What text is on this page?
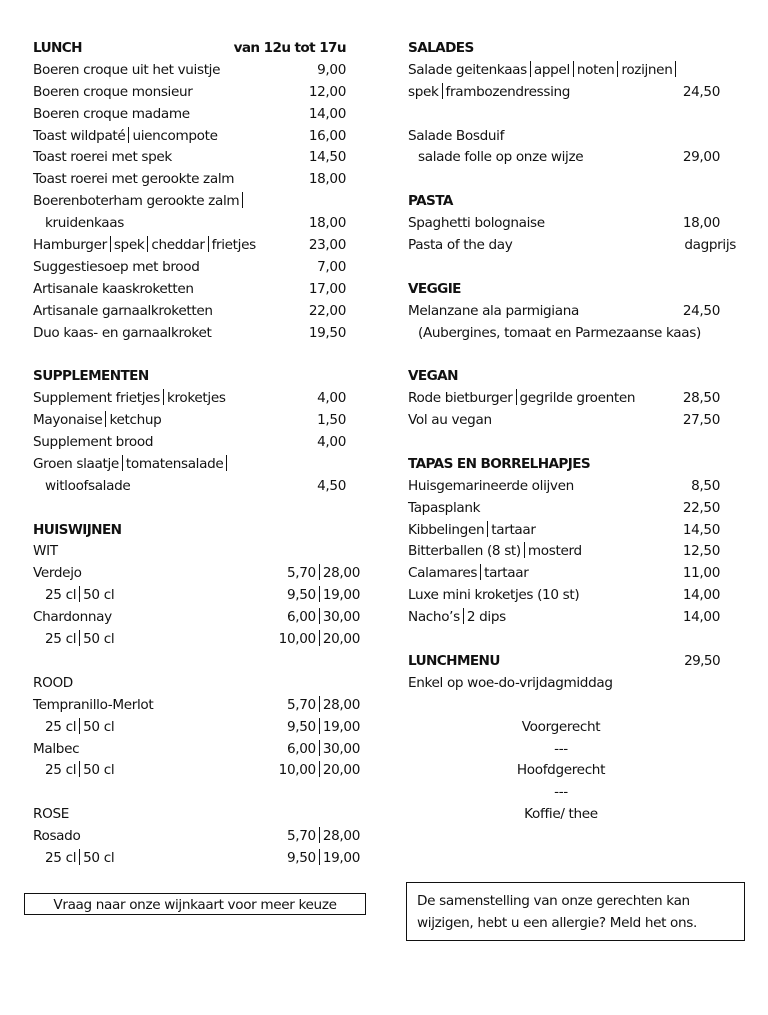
LUNCH	van 12u tot 17u
Boeren croque uit het vuistje	9,00
Boeren croque monsieur	12,00
Boeren croque madame	14,00
Toast wildpaté uiencompote	16,00
Toast roerei met spek	14,50
Toast roerei met gerookte zalm	18,00
Boerenboterham gerookte zalm
kruidenkaas	18,00
Hamburger spek cheddar frietjes	23,00
Suggestiesoep met brood	7,00
Artisanale kaaskroketten	17,00
Artisanale garnaalkroketten	22,00
Duo kaas- en garnaalkroket	19,50
SUPPLEMENTEN
Supplement frietjes kroketjes	4,00
Mayonaise ketchup	1,50
Supplement brood	4,00
Groen slaatje tomatensalade
witloofsalade	4,50
HUISWIJNEN
WIT
Verdejo	5,70 28,00
25 cl 50 cl	9,50 19,00
Chardonnay	6,00 30,00
25 cl 50 cl	10,00 20,00
ROOD
Tempranillo-Merlot	5,70 28,00
25 cl 50 cl	9,50 19,00
Malbec	6,00 30,00
25 cl 50 cl	10,00 20,00
ROSE
Rosado	5,70 28,00
25 cl 50 cl	9,50 19,00
Vraag naar onze wijnkaart voor meer keuze
SALADES
Salade geitenkaas appel noten rozijnen
spek frambozendressing	24,50
Salade Bosduif
salade folle op onze wijze	29,00
PASTA
Spaghetti bolognaise	18,00
Pasta of the day	dagprijs
VEGGIE
Melanzane ala parmigiana	24,50
(Aubergines, tomaat en Parmezaanse kaas)
VEGAN
Rode bietburger gegrilde groenten	28,50
Vol au vegan	27,50
TAPAS EN BORRELHAPJES
Huisgemarineerde olijven	8,50
Tapasplank	22,50
Kibbelingen tartaar	14,50
Bitterballen (8 st) mosterd	12,50
Calamares tartaar	11,00
Luxe mini kroketjes (10 st)	14,00
Nacho’s 2 dips	14,00
LUNCHMENU	29,50
Enkel op woe-do-vrijdagmiddag
Voorgerecht
---
Hoofdgerecht
---
Koffie/ thee
De samenstelling van onze gerechten kan wijzigen, hebt u een allergie? Meld het ons.
